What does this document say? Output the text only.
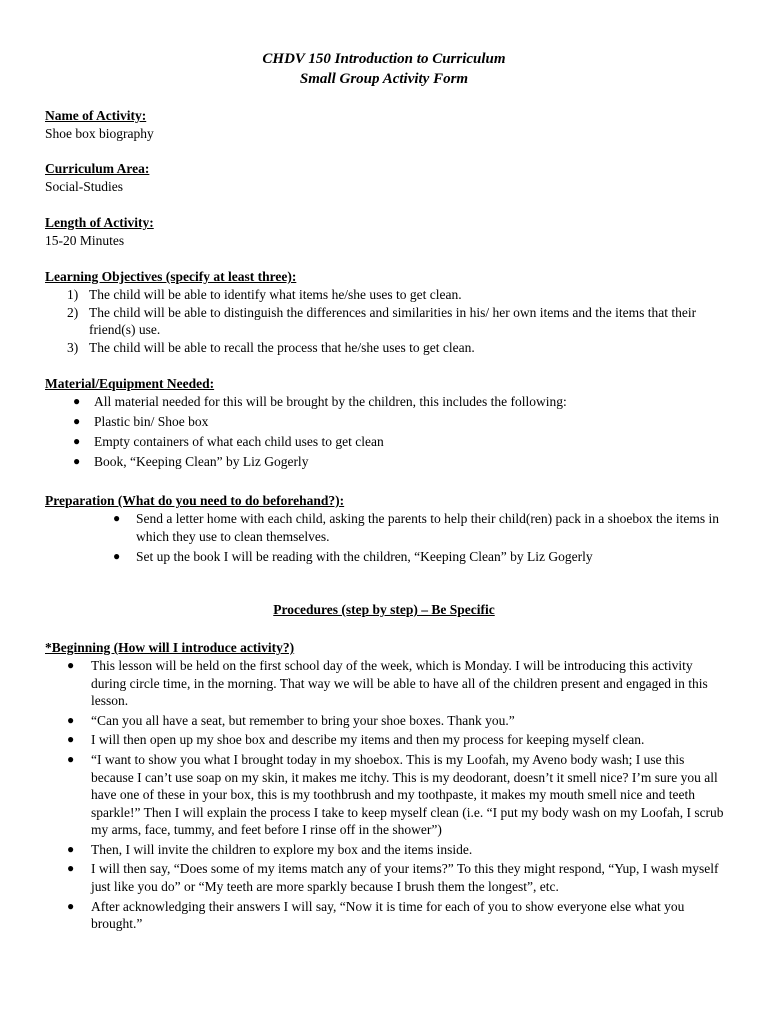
CHDV 150 Introduction to Curriculum
Small Group Activity Form
Name of Activity:
Shoe box biography
Curriculum Area:
Social-Studies
Length of Activity:
15-20 Minutes
Learning Objectives (specify at least three):
1) The child will be able to identify what items he/she uses to get clean.
2) The child will be able to distinguish the differences and similarities in his/ her own items and the items that their friend(s) use.
3) The child will be able to recall the process that he/she uses to get clean.
Material/Equipment Needed:
● All material needed for this will be brought by the children, this includes the following:
● Plastic bin/ Shoe box
● Empty containers of what each child uses to get clean
● Book, “Keeping Clean” by Liz Gogerly
Preparation (What do you need to do beforehand?):
● Send a letter home with each child, asking the parents to help their child(ren) pack in a shoebox the items in which they use to clean themselves.
● Set up the book I will be reading with the children, “Keeping Clean” by Liz Gogerly
Procedures (step by step) – Be Specific
*Beginning (How will I introduce activity?)
● This lesson will be held on the first school day of the week, which is Monday. I will be introducing this activity during circle time, in the morning. That way we will be able to have all of the children present and engaged in this lesson.
● “Can you all have a seat, but remember to bring your shoe boxes. Thank you.”
● I will then open up my shoe box and describe my items and then my process for keeping myself clean.
● “I want to show you what I brought today in my shoebox. This is my Loofah, my Aveno body wash; I use this because I can’t use soap on my skin, it makes me itchy. This is my deodorant, doesn’t it smell nice? I’m sure you all have one of these in your box, this is my toothbrush and my toothpaste, it makes my mouth smell nice and teeth sparkle!” Then I will explain the process I take to keep myself clean (i.e. “I put my body wash on my Loofah, I scrub my arms, face, tummy, and feet before I rinse off in the shower”)
● Then, I will invite the children to explore my box and the items inside.
● I will then say, “Does some of my items match any of your items?” To this they might respond, “Yup, I wash myself just like you do” or “My teeth are more sparkly because I brush them the longest”, etc.
● After acknowledging their answers I will say, “Now it is time for each of you to show everyone else what you brought.”
